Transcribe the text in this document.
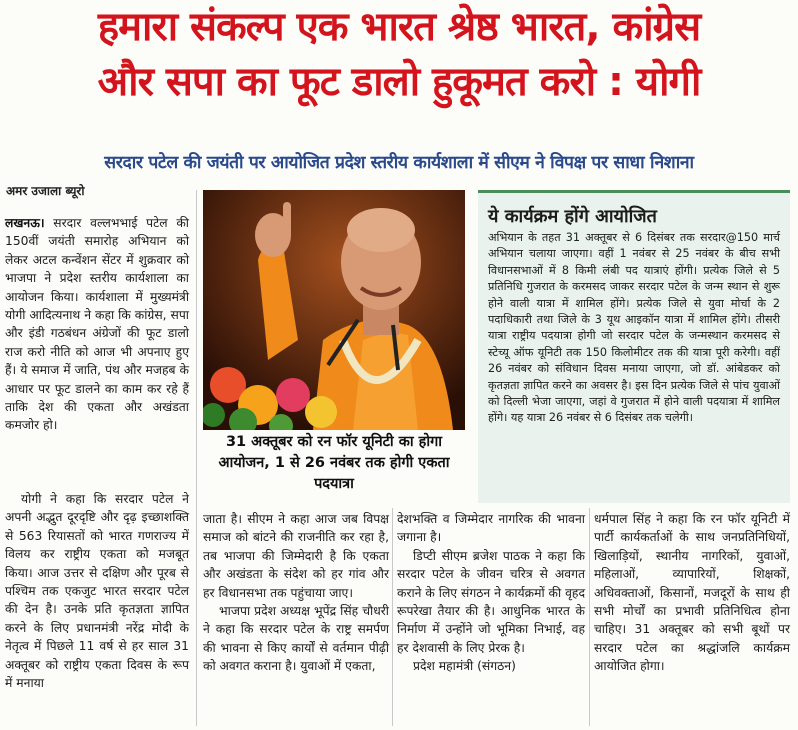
हमारा संकल्प एक भारत श्रेष्ठ भारत, कांग्रेस
और सपा का फूट डालो हुकूमत करो : योगी
सरदार पटेल की जयंती पर आयोजित प्रदेश स्तरीय कार्यशाला में सीएम ने विपक्ष पर साधा निशाना
अमर उजाला ब्यूरो

लखनऊ। सरदार वल्लभभाई पटेल की 150वीं जयंती समारोह अभियान को लेकर अटल कन्वेंशन सेंटर में शुक्रवार को भाजपा ने प्रदेश स्तरीय कार्यशाला का आयोजन किया। कार्यशाला में मुख्यमंत्री योगी आदित्यनाथ ने कहा कि कांग्रेस, सपा और इंडी गठबंधन अंग्रेजों की फूट डालो राज करो नीति को आज भी अपनाए हुए हैं। ये समाज में जाति, पंथ और मजहब के आधार पर फूट डालने का काम कर रहे हैं ताकि देश की एकता और अखंडता कमजोर हो।

योगी ने कहा कि सरदार पटेल ने अपनी अद्भुत दूरदृष्टि और दृढ़ इच्छाशक्ति से 563 रियासतों को भारत गणराज्य में विलय कर राष्ट्रीय एकता को मजबूत किया। आज उत्तर से दक्षिण और पूरब से पश्चिम तक एकजुट भारत सरदार पटेल की देन है। उनके प्रति कृतज्ञता ज्ञापित करने के लिए प्रधानमंत्री नरेंद्र मोदी के नेतृत्व में पिछले 11 वर्ष से हर साल 31 अक्तूबर को राष्ट्रीय एकता दिवस के रूप में मनाया

31 अक्तूबर को रन फॉर यूनिटी का होगा आयोजन, 1 से 26 नवंबर तक होगी एकता पदयात्रा
ये कार्यक्रम होंगे आयोजित
अभियान के तहत 31 अक्तूबर से 6 दिसंबर तक सरदार@150 मार्च अभियान चलाया जाएगा। वहीं 1 नवंबर से 25 नवंबर के बीच सभी विधानसभाओं में 8 किमी लंबी पद यात्राएं होंगी। प्रत्येक जिले से 5 प्रतिनिधि गुजरात के करमसद जाकर सरदार पटेल के जन्म स्थान से शुरू होने वाली यात्रा में शामिल होंगे। प्रत्येक जिले से युवा मोर्चा के 2 पदाधिकारी तथा जिले के 3 यूथ आइकॉन यात्रा में शामिल होंगे। तीसरी यात्रा राष्ट्रीय पदयात्रा होगी जो सरदार पटेल के जन्मस्थान करमसद से स्टेच्यू ऑफ यूनिटी तक 150 किलोमीटर तक की यात्रा पूरी करेगी। वहीं 26 नवंबर को संविधान दिवस मनाया जाएगा, जो डॉ. आंबेडकर को कृतज्ञता ज्ञापित करने का अवसर है। इस दिन प्रत्येक जिले से पांच युवाओं को दिल्ली भेजा जाएगा, जहां वे गुजरात में होने वाली पदयात्रा में शामिल होंगे। यह यात्रा 26 नवंबर से 6 दिसंबर तक चलेगी।

जाता है। सीएम ने कहा आज जब विपक्ष समाज को बांटने की राजनीति कर रहा है, तब भाजपा की जिम्मेदारी है कि एकता और अखंडता के संदेश को हर गांव और हर विधानसभा तक पहुंचाया जाए।

भाजपा प्रदेश अध्यक्ष भूपेंद्र सिंह चौधरी ने कहा कि सरदार पटेल के राष्ट्र समर्पण की भावना से किए कार्यों से वर्तमान पीढ़ी को अवगत कराना है। युवाओं में एकता,

देशभक्ति व जिम्मेदार नागरिक की भावना जगाना है।

डिप्टी सीएम ब्रजेश पाठक ने कहा कि सरदार पटेल के जीवन चरित्र से अवगत कराने के लिए संगठन ने कार्यक्रमों की वृहद रूपरेखा तैयार की है। आधुनिक भारत के निर्माण में उन्होंने जो भूमिका निभाई, वह हर देशवासी के लिए प्रेरक है।

प्रदेश महामंत्री (संगठन)

धर्मपाल सिंह ने कहा कि रन फॉर यूनिटी में पार्टी कार्यकर्ताओं के साथ जनप्रतिनिधियों, खिलाड़ियों, स्थानीय नागरिकों, युवाओं, महिलाओं, व्यापारियों, शिक्षकों, अधिवक्ताओं, किसानों, मजदूरों के साथ ही सभी मोर्चों का प्रभावी प्रतिनिधित्व होना चाहिए। 31 अक्तूबर को सभी बूथों पर सरदार पटेल का श्रद्धांजलि कार्यक्रम आयोजित होगा।
